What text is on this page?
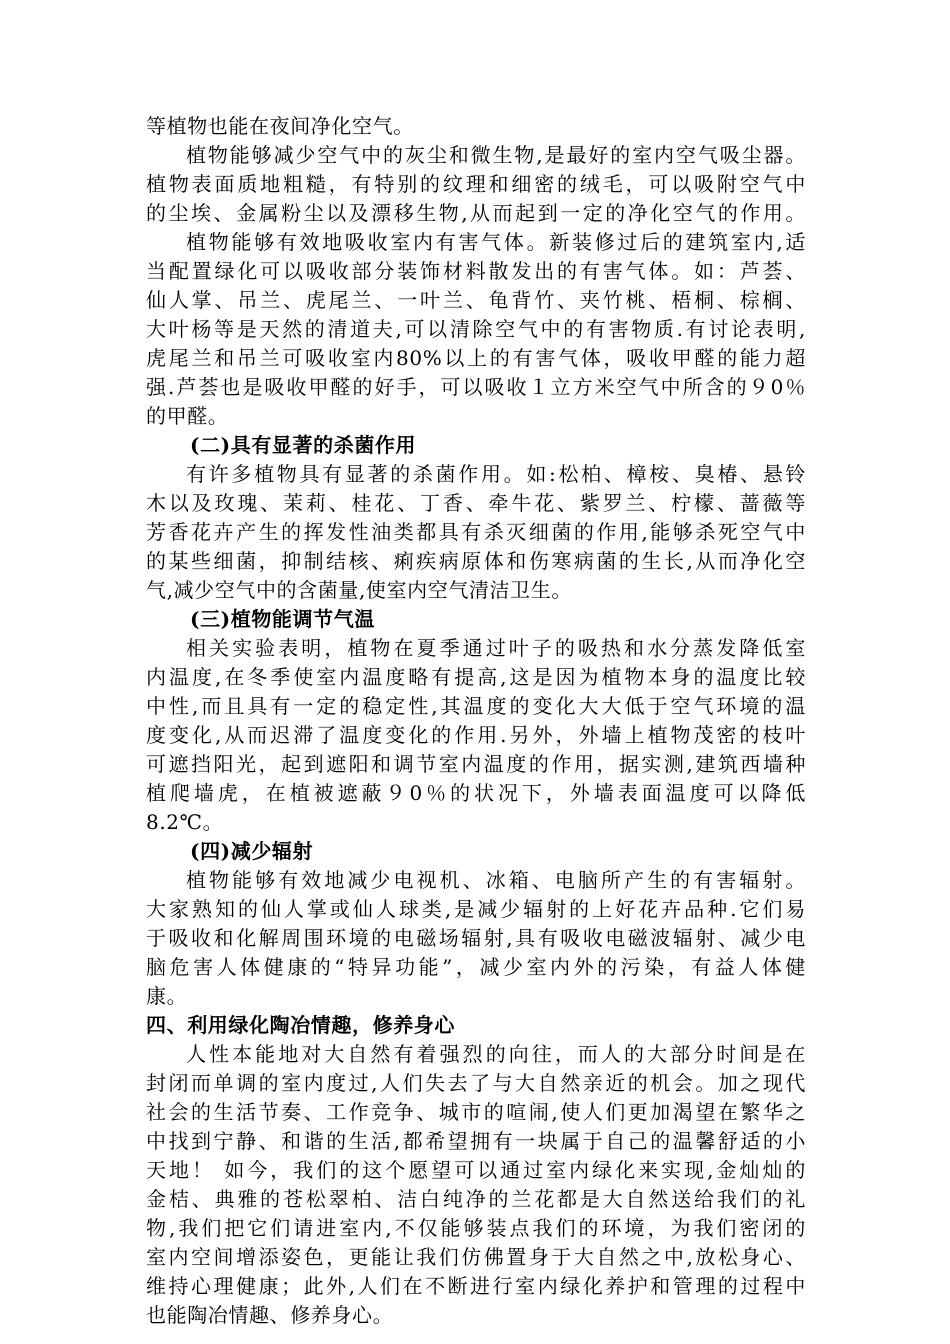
等植物也能在夜间净化空气。
植物能够减少空气中的灰尘和微生物,是最好的室内空气吸尘器。
植物表面质地粗糙，有特别的纹理和细密的绒毛，可以吸附空气中
的尘埃、金属粉尘以及漂移生物,从而起到一定的净化空气的作用。
植物能够有效地吸收室内有害气体。新装修过后的建筑室内,适
当配置绿化可以吸收部分装饰材料散发出的有害气体。如：芦荟、
仙人掌、吊兰、虎尾兰、一叶兰、龟背竹、夹竹桃、梧桐、棕榈、
大叶杨等是天然的清道夫,可以清除空气中的有害物质.有讨论表明,
虎尾兰和吊兰可吸收室内80%以上的有害气体，吸收甲醛的能力超
强.芦荟也是吸收甲醛的好手，可以吸收１立方米空气中所含的９0％
的甲醛。
(二)具有显著的杀菌作用
有许多植物具有显著的杀菌作用。如:松柏、樟桉、臭椿、悬铃
木以及玫瑰、茉莉、桂花、丁香、牵牛花、紫罗兰、柠檬、蔷薇等
芳香花卉产生的挥发性油类都具有杀灭细菌的作用,能够杀死空气中
的某些细菌，抑制结核、痢疾病原体和伤寒病菌的生长,从而净化空
气,减少空气中的含菌量,使室内空气清洁卫生。
(三)植物能调节气温
相关实验表明，植物在夏季通过叶子的吸热和水分蒸发降低室
内温度,在冬季使室内温度略有提高,这是因为植物本身的温度比较
中性,而且具有一定的稳定性,其温度的变化大大低于空气环境的温
度变化,从而迟滞了温度变化的作用.另外，外墙上植物茂密的枝叶
可遮挡阳光，起到遮阳和调节室内温度的作用，据实测,建筑西墙种
植爬墙虎，在植被遮蔽９0％的状况下，外墙表面温度可以降低
8.2℃。
(四)减少辐射
植物能够有效地减少电视机、冰箱、电脑所产生的有害辐射。
大家熟知的仙人掌或仙人球类,是减少辐射的上好花卉品种.它们易
于吸收和化解周围环境的电磁场辐射,具有吸收电磁波辐射、减少电
脑危害人体健康的“特异功能”，减少室内外的污染，有益人体健
康。
四、利用绿化陶冶情趣，修养身心
人性本能地对大自然有着强烈的向往，而人的大部分时间是在
封闭而单调的室内度过,人们失去了与大自然亲近的机会。加之现代
社会的生活节奏、工作竞争、城市的喧闹,使人们更加渴望在繁华之
中找到宁静、和谐的生活,都希望拥有一块属于自己的温馨舒适的小
天地！ 如今，我们的这个愿望可以通过室内绿化来实现,金灿灿的
金桔、典雅的苍松翠柏、洁白纯净的兰花都是大自然送给我们的礼
物,我们把它们请进室内,不仅能够装点我们的环境，为我们密闭的
室内空间增添姿色，更能让我们仿佛置身于大自然之中,放松身心、
维持心理健康；此外,人们在不断进行室内绿化养护和管理的过程中
也能陶冶情趣、修养身心。
